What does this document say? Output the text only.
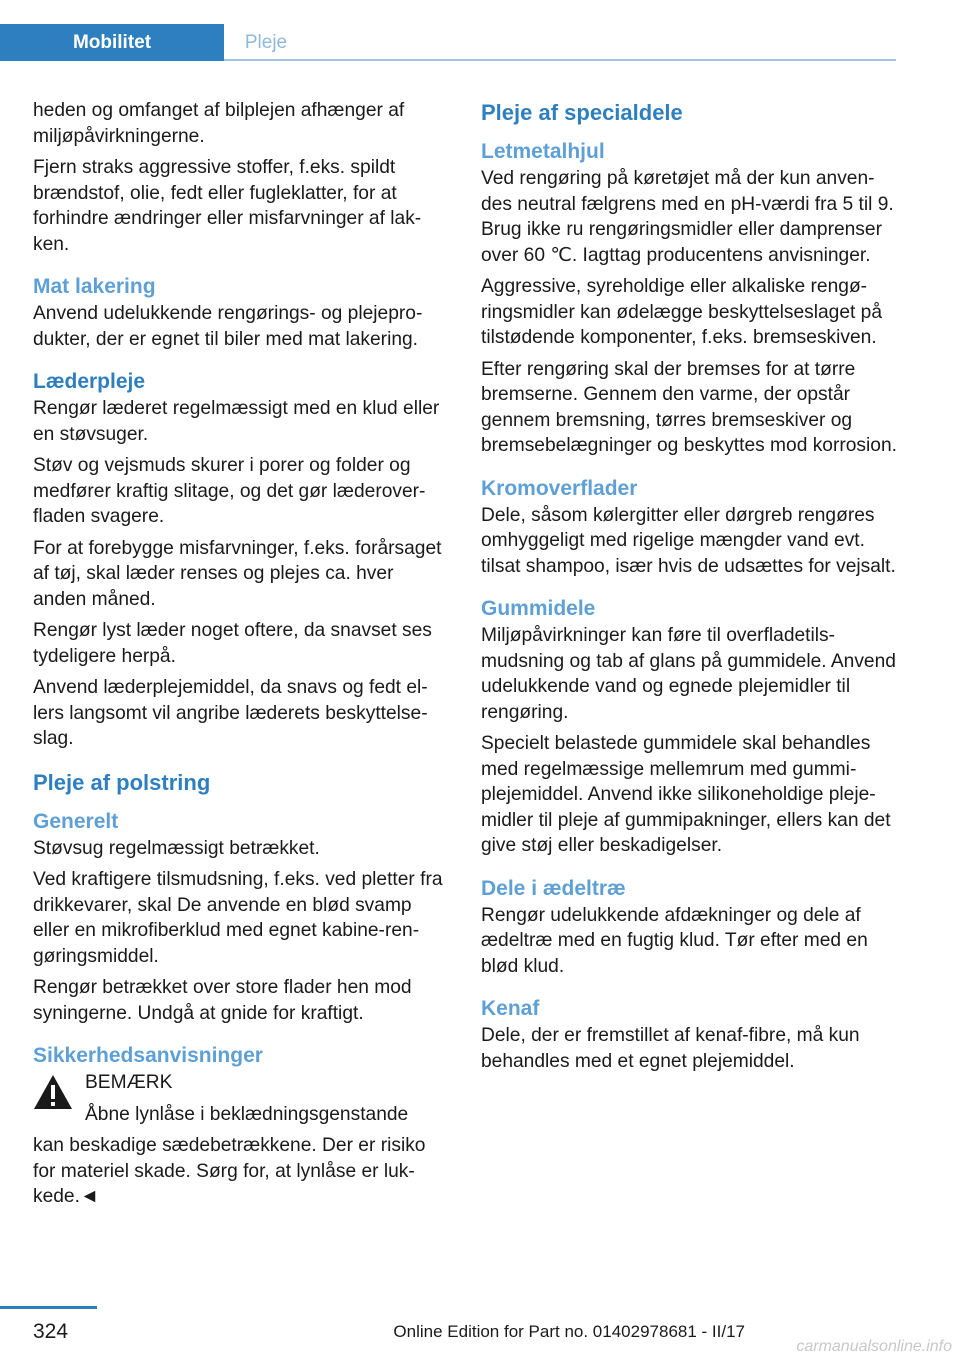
Mobilitet	Pleje

heden og omfanget af bilplejen afhænger af miljøpåvirkningerne.

Fjern straks aggressive stoffer, f.eks. spildt brændstof, olie, fedt eller fugleklatter, for at forhindre ændringer eller misfarvninger af lakken.

Mat lakering

Anvend udelukkende rengørings- og plejeprodukter, der er egnet til biler med mat lakering.

Læderpleje

Rengør læderet regelmæssigt med en klud eller en støvsuger.

Støv og vejsmuds skurer i porer og folder og medfører kraftig slitage, og det gør læderoverfladen svagere.

For at forebygge misfarvninger, f.eks. forårsaget af tøj, skal læder renses og plejes ca. hver anden måned.

Rengør lyst læder noget oftere, da snavset ses tydeligere herpå.

Anvend læderplejemiddel, da snavs og fedt ellers langsomt vil angribe læderets beskyttelseslag.

Pleje af polstring
Generelt

Støvsug regelmæssigt betrækket.

Ved kraftigere tilsmudsning, f.eks. ved pletter fra drikkevarer, skal De anvende en blød svamp eller en mikrofiberklud med egnet kabine-rengøringsmiddel.

Rengør betrækket over store flader hen mod syningerne. Undgå at gnide for kraftigt.

Sikkerhedsanvisninger

BEMÆRK

Åbne lynlåse i beklædningsgenstande

kan beskadige sædebetrækkene. Der er risiko for materiel skade. Sørg for, at lynlåse er lukkede.◄

Pleje af specialdele
Letmetalhjul

Ved rengøring på køretøjet må der kun anvendes neutral fælgrens med en pH-værdi fra 5 til 9. Brug ikke ru rengøringsmidler eller damprenser over 60 ℃. Iagttag producentens anvisninger.

Aggressive, syreholdige eller alkaliske rengøringsmidler kan ødelægge beskyttelseslaget på tilstødende komponenter, f.eks. bremseskiven.

Efter rengøring skal der bremses for at tørre bremserne. Gennem den varme, der opstår gennem bremsning, tørres bremseskiver og bremsebelægninger og beskyttes mod korrosion.

Kromoverflader

Dele, såsom kølergitter eller dørgreb rengøres omhyggeligt med rigelige mængder vand evt. tilsat shampoo, især hvis de udsættes for vejsalt.

Gummidele

Miljøpåvirkninger kan føre til overfladetilsmudsning og tab af glans på gummidele. Anvend udelukkende vand og egnede plejemidler til rengøring.

Specielt belastede gummidele skal behandles med regelmæssige mellemrum med gummiplejemiddel. Anvend ikke silikoneholdige plejemidler til pleje af gummipakninger, ellers kan det give støj eller beskadigelser.

Dele i ædeltræ

Rengør udelukkende afdækninger og dele af ædeltræ med en fugtig klud. Tør efter med en blød klud.

Kenaf

Dele, der er fremstillet af kenaf-fibre, må kun behandles med et egnet plejemiddel.

324	Online Edition for Part no. 01402978681 - II/17
carmanualsonline.info
